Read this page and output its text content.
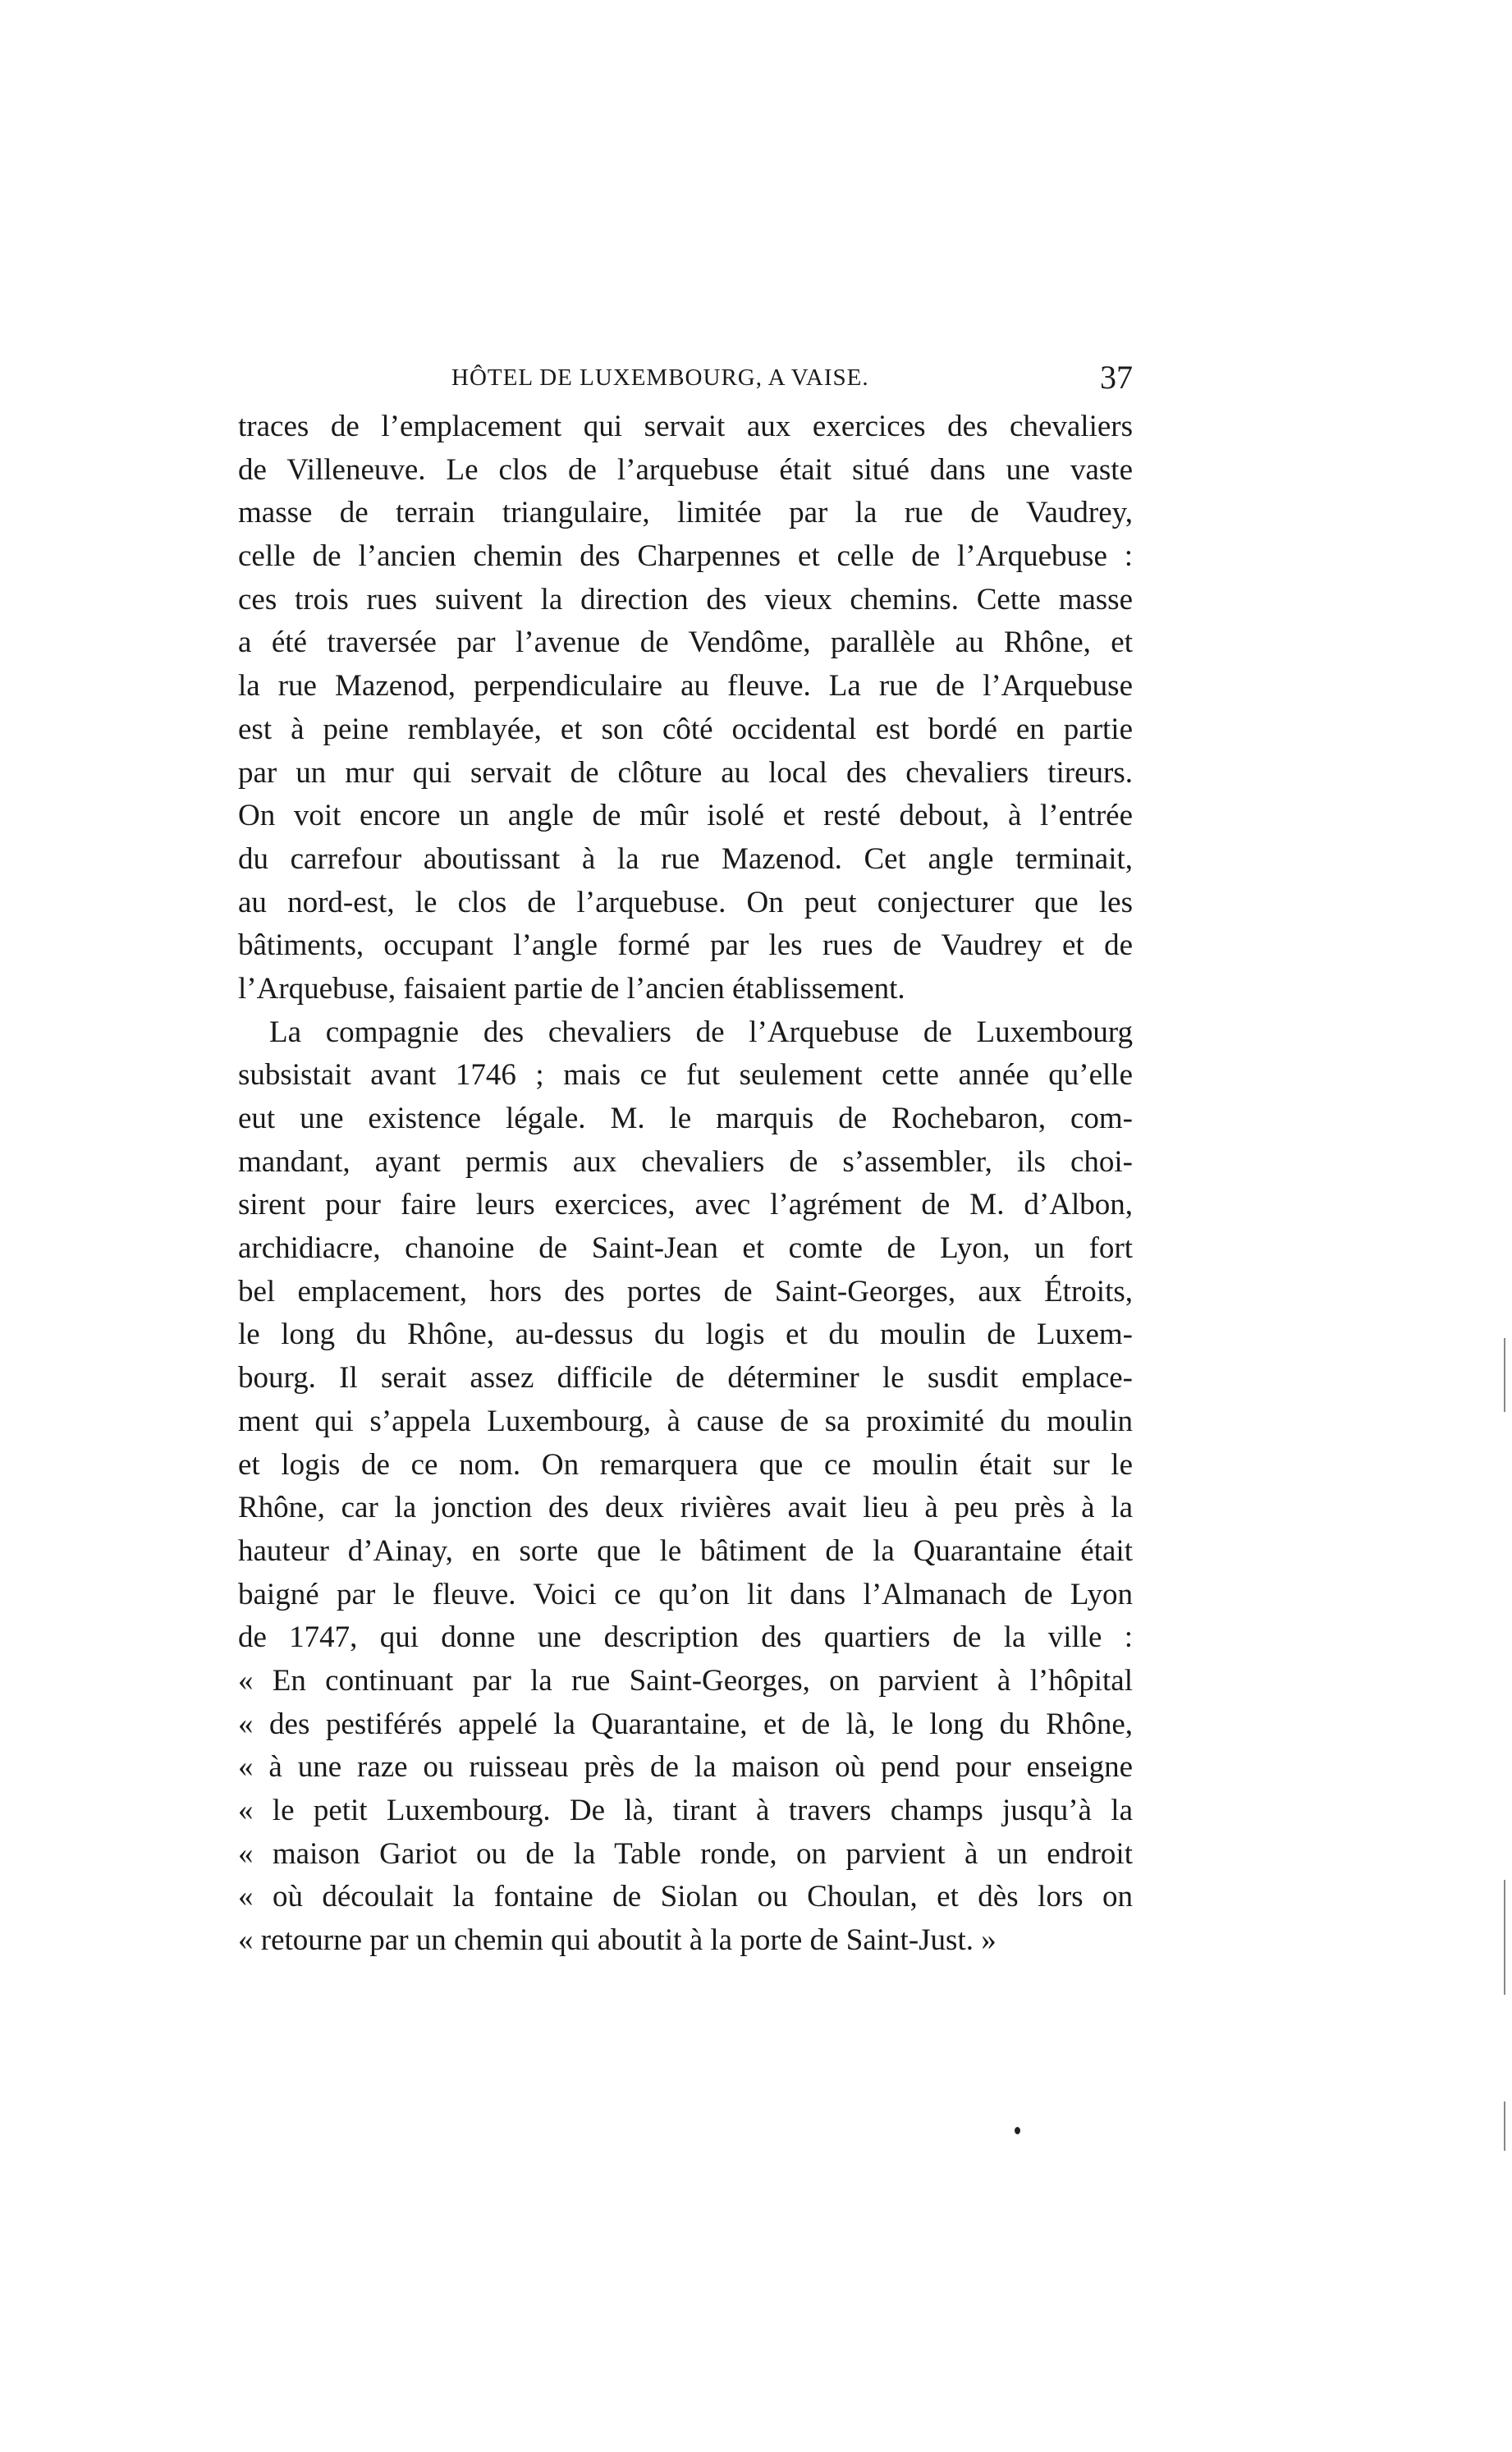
HÔTEL DE LUXEMBOURG, A VAISE.	37
traces de l’emplacement qui servait aux exercices des chevaliers
de Villeneuve. Le clos de l’arquebuse était situé dans une vaste
masse de terrain triangulaire, limitée par la rue de Vaudrey,
celle de l’ancien chemin des Charpennes et celle de l’Arquebuse :
ces trois rues suivent la direction des vieux chemins. Cette masse
a été traversée par l’avenue de Vendôme, parallèle au Rhône, et
la rue Mazenod, perpendiculaire au fleuve. La rue de l’Arquebuse
est à peine remblayée, et son côté occidental est bordé en partie
par un mur qui servait de clôture au local des chevaliers tireurs.
On voit encore un angle de mûr isolé et resté debout, à l’entrée
du carrefour aboutissant à la rue Mazenod. Cet angle terminait,
au nord-est, le clos de l’arquebuse. On peut conjecturer que les
bâtiments, occupant l’angle formé par les rues de Vaudrey et de
l’Arquebuse, faisaient partie de l’ancien établissement.
La compagnie des chevaliers de l’Arquebuse de Luxembourg
subsistait avant 1746 ; mais ce fut seulement cette année qu’elle
eut une existence légale. M. le marquis de Rochebaron, com-
mandant, ayant permis aux chevaliers de s’assembler, ils choi-
sirent pour faire leurs exercices, avec l’agrément de M. d’Albon,
archidiacre, chanoine de Saint-Jean et comte de Lyon, un fort
bel emplacement, hors des portes de Saint-Georges, aux Étroits,
le long du Rhône, au-dessus du logis et du moulin de Luxem-
bourg. Il serait assez difficile de déterminer le susdit emplace-
ment qui s’appela Luxembourg, à cause de sa proximité du moulin
et logis de ce nom. On remarquera que ce moulin était sur le
Rhône, car la jonction des deux rivières avait lieu à peu près à la
hauteur d’Ainay, en sorte que le bâtiment de la Quarantaine était
baigné par le fleuve. Voici ce qu’on lit dans l’Almanach de Lyon
de 1747, qui donne une description des quartiers de la ville :
« En continuant par la rue Saint-Georges, on parvient à l’hôpital
« des pestiférés appelé la Quarantaine, et de là, le long du Rhône,
« à une raze ou ruisseau près de la maison où pend pour enseigne
« le petit Luxembourg. De là, tirant à travers champs jusqu’à la
« maison Gariot ou de la Table ronde, on parvient à un endroit
« où découlait la fontaine de Siolan ou Choulan, et dès lors on
« retourne par un chemin qui aboutit à la porte de Saint-Just. »
